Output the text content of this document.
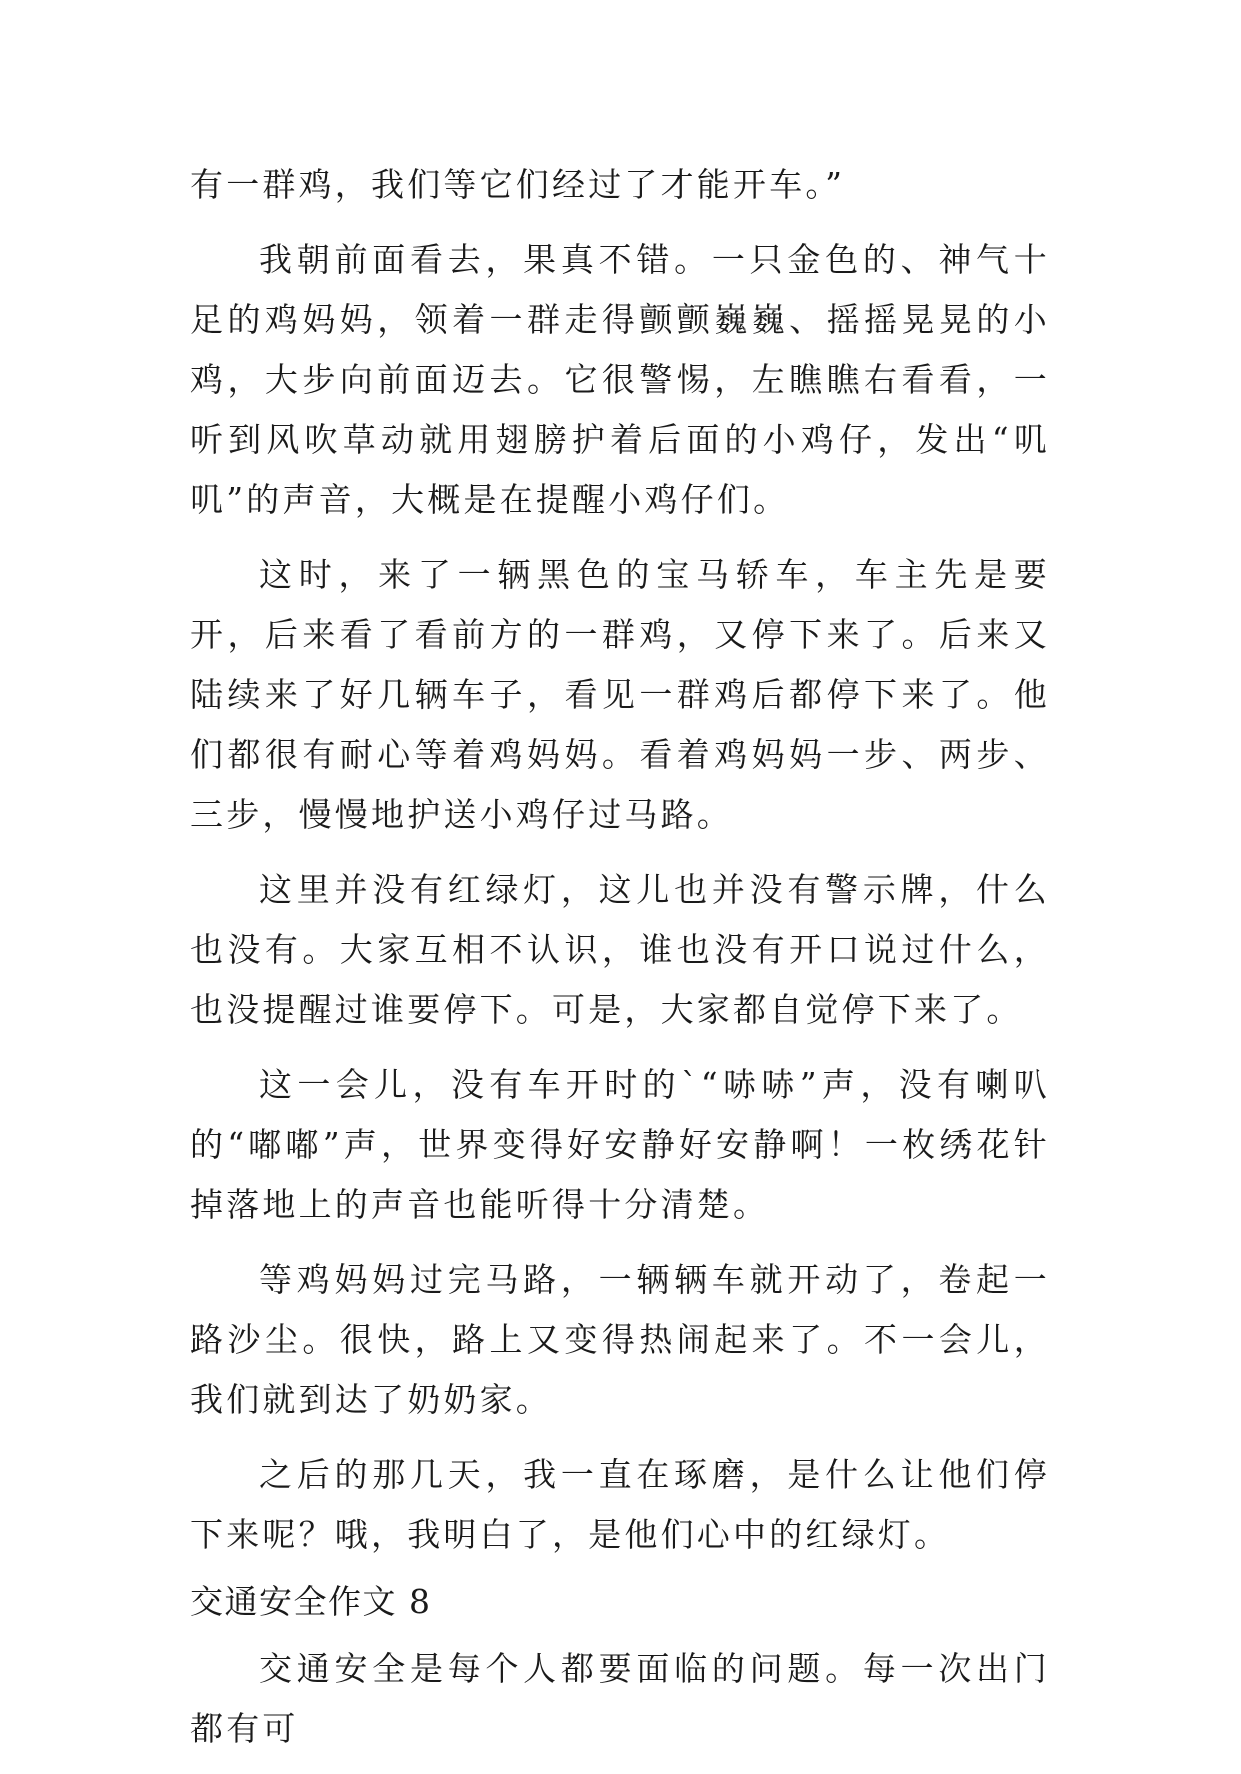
有一群鸡，我们等它们经过了才能开车。”

我朝前面看去，果真不错。一只金色的、神气十足的鸡妈妈，领着一群走得颤颤巍巍、摇摇晃晃的小鸡，大步向前面迈去。它很警惕，左瞧瞧右看看，一听到风吹草动就用翅膀护着后面的小鸡仔，发出“叽叽”的声音，大概是在提醒小鸡仔们。

这时，来了一辆黑色的宝马轿车，车主先是要开，后来看了看前方的一群鸡，又停下来了。后来又陆续来了好几辆车子，看见一群鸡后都停下来了。他们都很有耐心等着鸡妈妈。看着鸡妈妈一步、两步、三步，慢慢地护送小鸡仔过马路。

这里并没有红绿灯，这儿也并没有警示牌，什么也没有。大家互相不认识，谁也没有开口说过什么，也没提醒过谁要停下。可是，大家都自觉停下来了。

这一会儿，没有车开时的`“哧哧”声，没有喇叭的“嘟嘟”声，世界变得好安静好安静啊！一枚绣花针掉落地上的声音也能听得十分清楚。

等鸡妈妈过完马路，一辆辆车就开动了，卷起一路沙尘。很快，路上又变得热闹起来了。不一会儿，我们就到达了奶奶家。

之后的那几天，我一直在琢磨，是什么让他们停下来呢？哦，我明白了，是他们心中的红绿灯。

交通安全作文 8

交通安全是每个人都要面临的问题。每一次出门都有可
